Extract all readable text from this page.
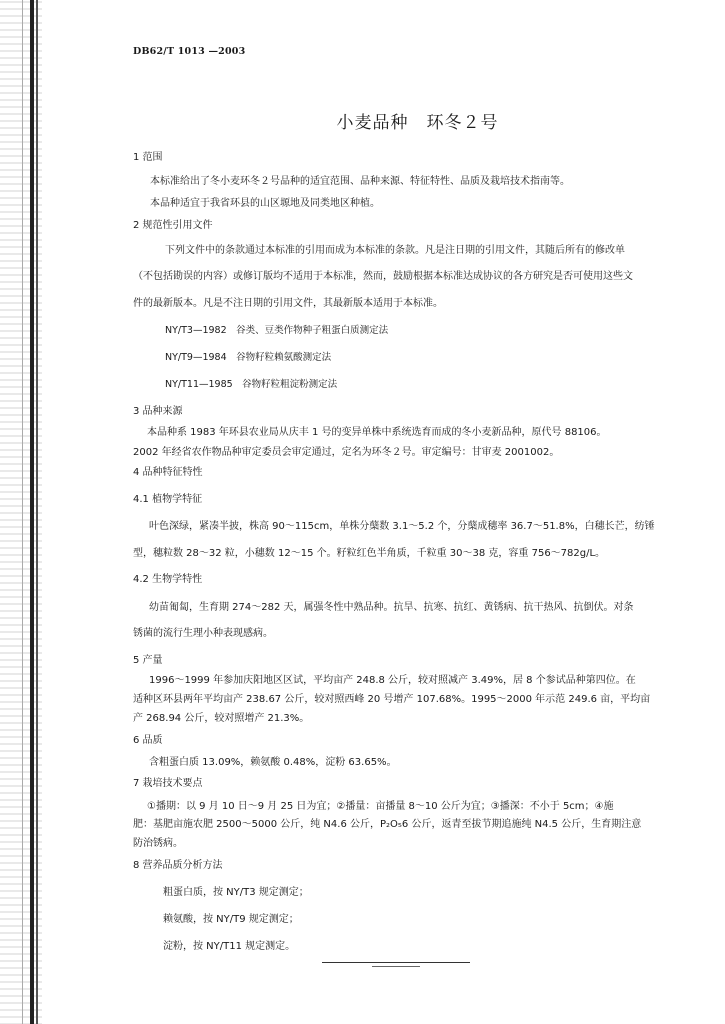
DB62/T 1013 —2003
小麦品种　环冬２号
1 范围
本标准给出了冬小麦环冬２号品种的适宜范围、品种来源、特征特性、品质及栽培技术指南等。
本品种适宜于我省环县的山区塬地及同类地区种植。
2 规范性引用文件
下列文件中的条款通过本标准的引用而成为本标准的条款。凡是注日期的引用文件，其随后所有的修改单
（不包括勘误的内容）或修订版均不适用于本标准，然而，鼓励根据本标准达成协议的各方研究是否可使用这些文
件的最新版本。凡是不注日期的引用文件，其最新版本适用于本标准。
NY/T3—1982　谷类、豆类作物种子粗蛋白质测定法
NY/T9—1984　谷物籽粒赖氨酸测定法
NY/T11—1985　谷物籽粒粗淀粉测定法
3 品种来源
本品种系 1983 年环县农业局从庆丰 1 号的变异单株中系统选育而成的冬小麦新品种，原代号 88106。
2002 年经省农作物品种审定委员会审定通过，定名为环冬２号。审定编号：甘审麦 2001002。
4 品种特征特性
4.1 植物学特征
叶色深绿，紧凑半披，株高 90～115cm，单株分蘖数 3.1～5.2 个，分蘖成穗率 36.7～51.8%，白穗长芒，纺锤
型，穗粒数 28～32 粒，小穗数 12～15 个。籽粒红色半角质，千粒重 30～38 克，容重 756～782g/L。
4.2 生物学特性
幼苗匍匐，生育期 274～282 天，属强冬性中熟品种。抗旱、抗寒、抗红、黄锈病、抗干热风、抗倒伏。对条
锈菌的流行生理小种表现感病。
5 产量
1996～1999 年参加庆阳地区区试，平均亩产 248.8 公斤，较对照减产 3.49%，居 8 个参试品种第四位。在
适种区环县两年平均亩产 238.67 公斤，较对照西峰 20 号增产 107.68%。1995～2000 年示范 249.6 亩，平均亩
产 268.94 公斤，较对照增产 21.3%。
6 品质
含粗蛋白质 13.09%，赖氨酸 0.48%，淀粉 63.65%。
7 栽培技术要点
①播期：以 9 月 10 日～9 月 25 日为宜；②播量：亩播量 8～10 公斤为宜；③播深：不小于 5cm；④施
肥：基肥亩施农肥 2500～5000 公斤，纯 N4.6 公斤，P₂O₅6 公斤，返青至拔节期追施纯 N4.5 公斤，生育期注意
防治锈病。
8 营养品质分析方法
粗蛋白质，按 NY/T3 规定测定；
赖氨酸，按 NY/T9 规定测定；
淀粉，按 NY/T11 规定测定。
